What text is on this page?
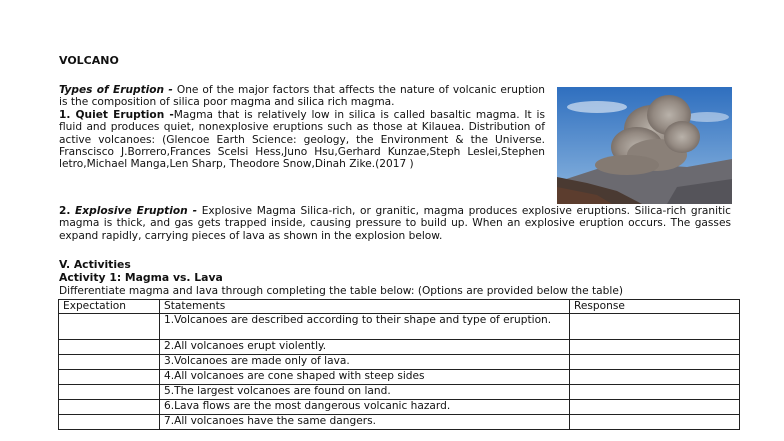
VOLCANO
Types of Eruption - One of the major factors that affects the nature of volcanic eruption is the composition of silica poor magma and silica rich magma.
1. Quiet Eruption -Magma that is relatively low in silica is called basaltic magma. It is fluid and produces quiet, nonexplosive eruptions such as those at Kilauea. Distribution of active volcanoes: (Glencoe Earth Science: geology, the Environment & the Universe. Franscisco J.Borrero,Frances Scelsi Hess,Juno Hsu,Gerhard Kunzae,Steph Leslei,Stephen letro,Michael Manga,Len Sharp, Theodore Snow,Dinah Zike.(2017 )
2. Explosive Eruption - Explosive Magma Silica-rich, or granitic, magma produces explosive eruptions. Silica-rich granitic magma is thick, and gas gets trapped inside, causing pressure to build up. When an explosive eruption occurs. The gasses expand rapidly, carrying pieces of lava as shown in the explosion below.
V. Activities
Activity 1: Magma vs. Lava
Differentiate magma and lava through completing the table below: (Options are provided below the table)
Expectation	Statements	Response
	1.Volcanoes are described according to their shape and type of eruption.	
	2.All volcanoes erupt violently.	
	3.Volcanoes are made only of lava.	
	4.All volcanoes are cone shaped with steep sides	
	5.The largest volcanoes are found on land.	
	6.Lava flows are the most dangerous volcanic hazard.	
	7.All volcanoes have the same dangers.	
